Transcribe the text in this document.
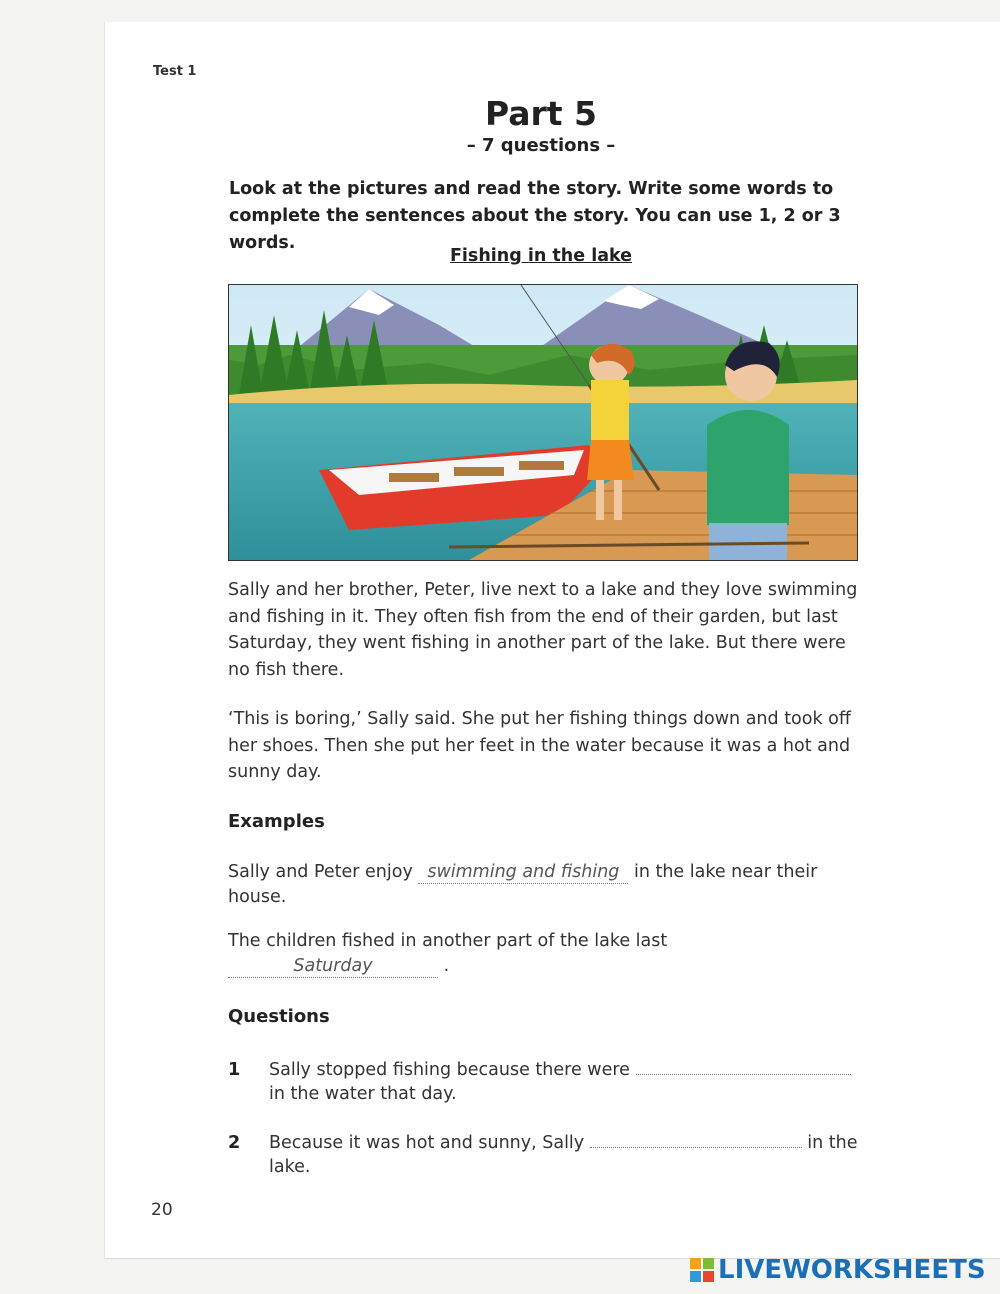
Test 1
Part 5
– 7 questions –
Look at the pictures and read the story. Write some words to complete the sentences about the story. You can use 1, 2 or 3 words.
Fishing in the lake
Sally and her brother, Peter, live next to a lake and they love swimming and fishing in it. They often fish from the end of their garden, but last Saturday, they went fishing in another part of the lake. But there were no fish there.
‘This is boring,’ Sally said. She put her fishing things down and took off her shoes. Then she put her feet in the water because it was a hot and sunny day.
Examples
Sally and Peter enjoy swimming and fishing in the lake near their house.
The children fished in another part of the lake last Saturday	.
Questions
1 Sally stopped fishing because there were  in the water that day.
2 Because it was hot and sunny, Sally	in the lake.
20
LIVEWORKSHEETS
